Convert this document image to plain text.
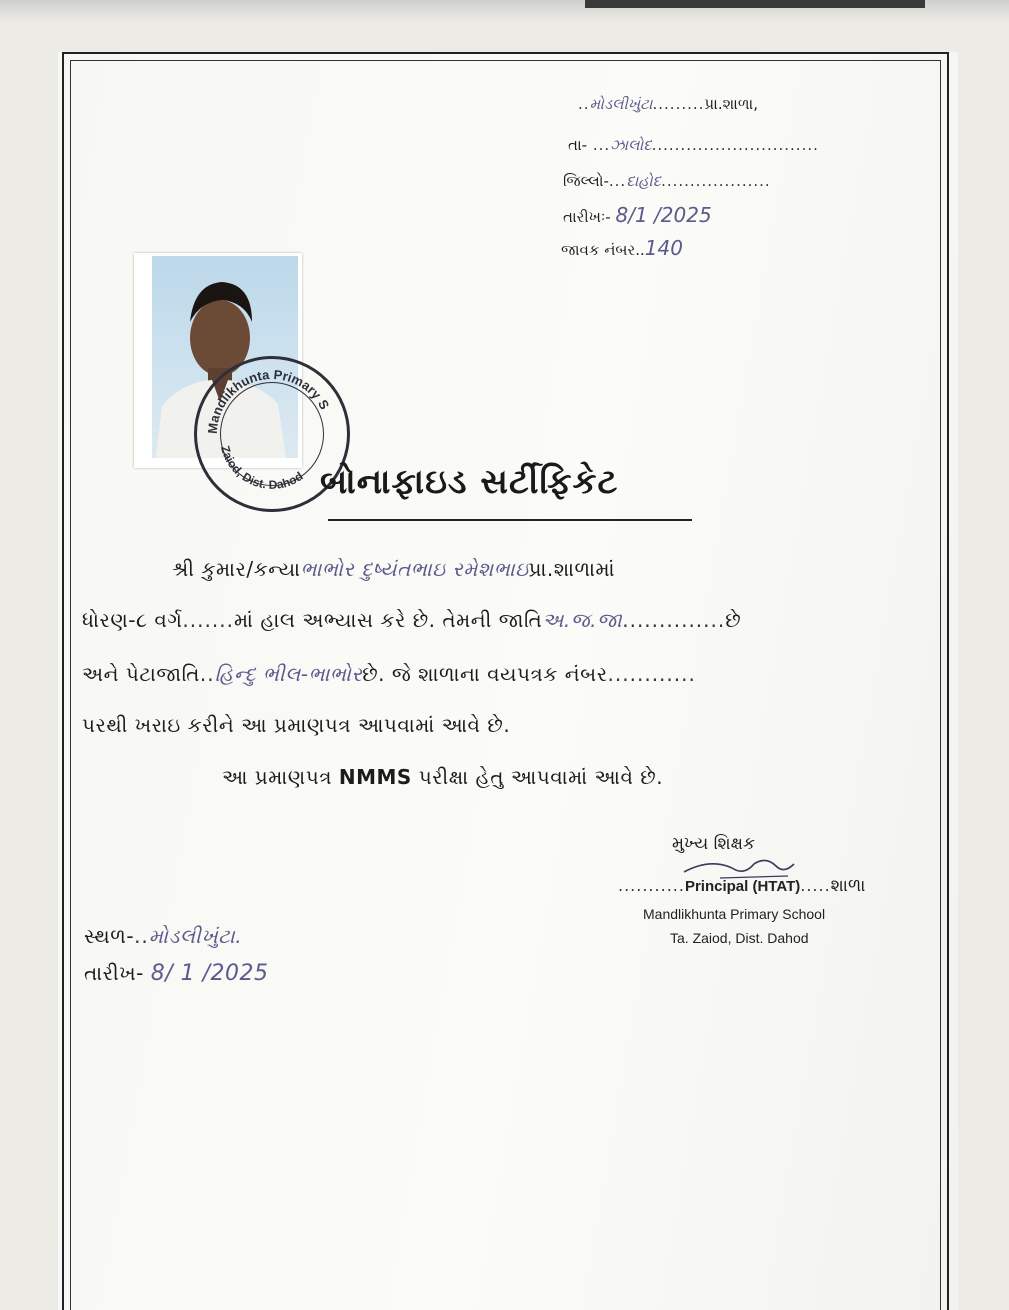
..મોડલીખુંટા.........પ્રા.શાળા,
તા- ...ઝાલોદ.............................
જિલ્લો-...દાહોદ...................
તારીખઃ- 8/1 /2025
જાવક નંબર..140
Mandlikhunta Primary S
Zaiod, Dist. Dahod બોનાફાઇડ સર્ટીફિકેટ
શ્રી કુમાર/કન્યાભાભોર દુષ્યંતભાઇ રમેશભાઇપ્રા.શાળામાં
ધોરણ-૮ વર્ગ.......માં હાલ અભ્યાસ કરે છે. તેમની જાતિઅ.જ.જા..............છે
અને પેટાજાતિ..હિન્દુ ભીલ-ભાભોરછે. જે શાળાના વયપત્રક નંબર............
પરથી ખરાઇ કરીને આ પ્રમાણપત્ર આપવામાં આવે છે.
આ પ્રમાણપત્ર NMMS પરીક્ષા હેતુ આપવામાં આવે છે.
મુખ્ય શિક્ષક
...........Principal (HTAT).....શાળા
Mandlikhunta Primary School
Ta. Zaiod, Dist. Dahod
સ્થળ-..મોડલીખુંટા.
તારીખ- 8/ 1 /2025
